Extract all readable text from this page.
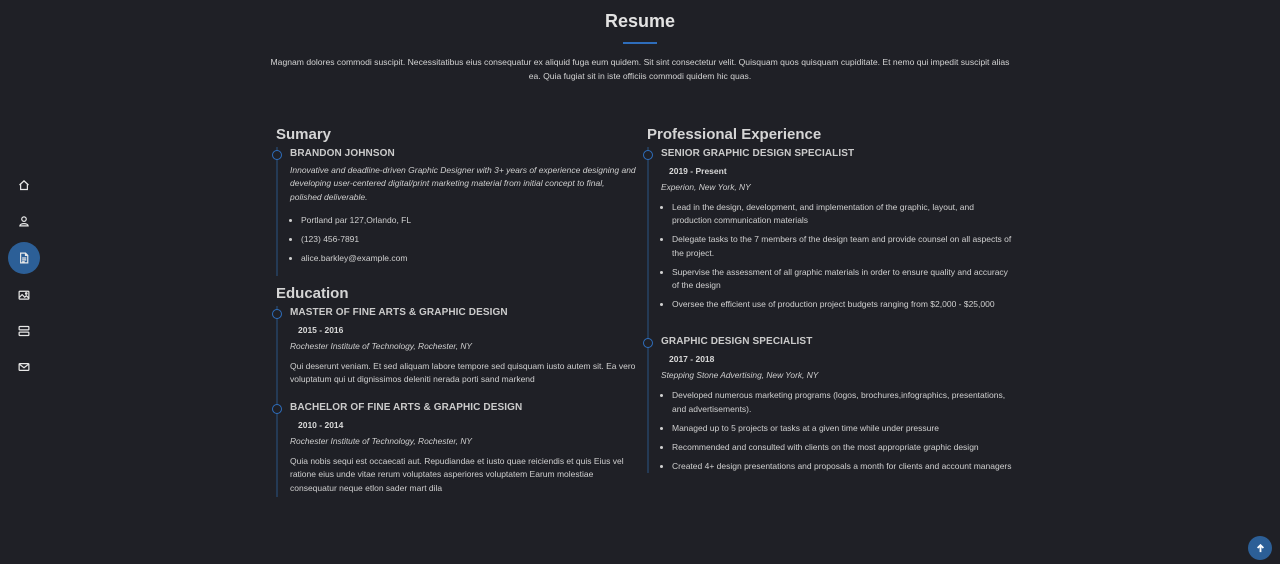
Resume

Magnam dolores commodi suscipit. Necessitatibus eius consequatur ex aliquid fuga eum quidem. Sit sint consectetur velit. Quisquam quos quisquam cupiditate. Et nemo qui impedit suscipit alias ea. Quia fugiat sit in iste officiis commodi quidem hic quas.

Sumary
BRANDON JOHNSON

Innovative and deadline-driven Graphic Designer with 3+ years of experience designing and developing user-centered digital/print marketing material from initial concept to final, polished deliverable.

• Portland par 127,Orlando, FL
• (123) 456-7891
• alice.barkley@example.com
Education
MASTER OF FINE ARTS & GRAPHIC DESIGN
2015 - 2016
Rochester Institute of Technology, Rochester, NY

Qui deserunt veniam. Et sed aliquam labore tempore sed quisquam iusto autem sit. Ea vero voluptatum qui ut dignissimos deleniti nerada porti sand markend

BACHELOR OF FINE ARTS & GRAPHIC DESIGN
2010 - 2014
Rochester Institute of Technology, Rochester, NY

Quia nobis sequi est occaecati aut. Repudiandae et iusto quae reiciendis et quis Eius vel ratione eius unde vitae rerum voluptates asperiores voluptatem Earum molestiae consequatur neque etlon sader mart dila

Professional Experience
SENIOR GRAPHIC DESIGN SPECIALIST
2019 - Present
Experion, New York, NY
• Lead in the design, development, and implementation of the graphic, layout, and production communication materials
• Delegate tasks to the 7 members of the design team and provide counsel on all aspects of the project.
• Supervise the assessment of all graphic materials in order to ensure quality and accuracy of the design
• Oversee the efficient use of production project budgets ranging from $2,000 - $25,000
GRAPHIC DESIGN SPECIALIST
2017 - 2018
Stepping Stone Advertising, New York, NY
• Developed numerous marketing programs (logos, brochures,infographics, presentations, and advertisements).
• Managed up to 5 projects or tasks at a given time while under pressure
• Recommended and consulted with clients on the most appropriate graphic design
• Created 4+ design presentations and proposals a month for clients and account managers
